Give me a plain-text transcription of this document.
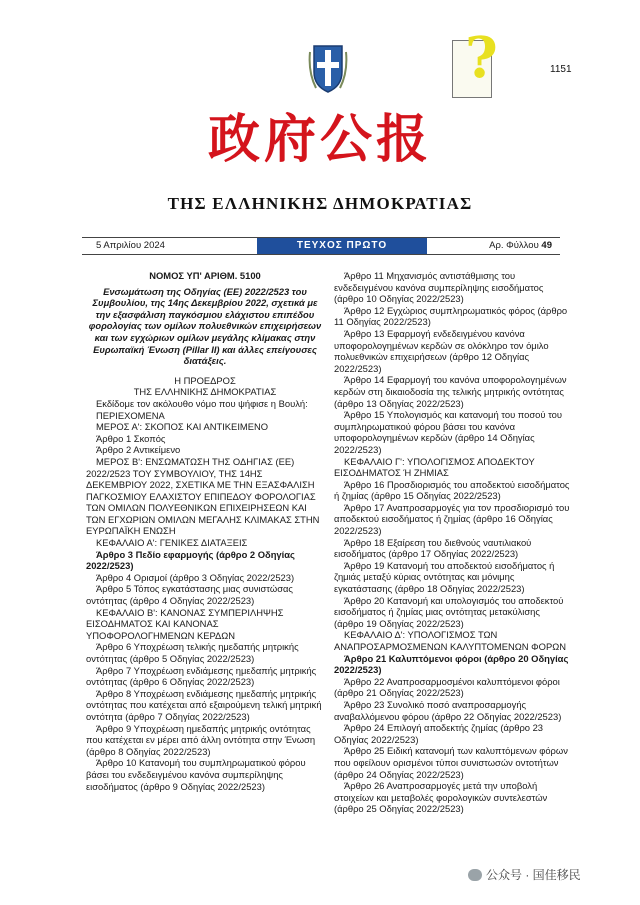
?	1151
政府公报
ΤΗΣ ΕΛΛΗΝΙΚΗΣ ΔΗΜΟΚΡΑΤΙΑΣ
5 Απριλίου 2024	ΤΕΥΧΟΣ ΠΡΩΤΟ	Αρ. Φύλλου 49

ΝΟΜΟΣ ΥΠ' ΑΡΙΘΜ. 5100

Ενσωμάτωση της Οδηγίας (ΕΕ) 2022/2523 του Συμβουλίου, της 14ης Δεκεμβρίου 2022, σχετικά με την εξασφάλιση παγκόσμιου ελάχιστου επιπέδου φορολογίας των ομίλων πολυεθνικών επιχειρήσεων και των εγχώριων ομίλων μεγάλης κλίμακας στην Ευρωπαϊκή Ένωση (Pillar II) και άλλες επείγουσες διατάξεις.

Η ΠΡΟΕΔΡΟΣ

ΤΗΣ ΕΛΛΗΝΙΚΗΣ ΔΗΜΟΚΡΑΤΙΑΣ

Εκδίδομε τον ακόλουθο νόμο που ψήφισε η Βουλή:

ΠΕΡΙΕΧΟΜΕΝΑ

ΜΕΡΟΣ Α': ΣΚΟΠΟΣ ΚΑΙ ΑΝΤΙΚΕΙΜΕΝΟ

Άρθρο 1 Σκοπός

Άρθρο 2 Αντικείμενο

ΜΕΡΟΣ Β': ΕΝΣΩΜΑΤΩΣΗ ΤΗΣ ΟΔΗΓΙΑΣ (ΕΕ) 2022/2523 ΤΟΥ ΣΥΜΒΟΥΛΙΟΥ, ΤΗΣ 14ΗΣ ΔΕΚΕΜΒΡΙΟΥ 2022, ΣΧΕΤΙΚΑ ΜΕ ΤΗΝ ΕΞΑΣΦΑΛΙΣΗ ΠΑΓΚΟΣΜΙΟΥ ΕΛΑΧΙΣΤΟΥ ΕΠΙΠΕΔΟΥ ΦΟΡΟΛΟΓΙΑΣ ΤΩΝ ΟΜΙΛΩΝ ΠΟΛΥΕΘΝΙΚΩΝ ΕΠΙΧΕΙΡΗΣΕΩΝ ΚΑΙ ΤΩΝ ΕΓΧΩΡΙΩΝ ΟΜΙΛΩΝ ΜΕΓΑΛΗΣ ΚΛΙΜΑΚΑΣ ΣΤΗΝ ΕΥΡΩΠΑΪΚΗ ΕΝΩΣΗ

ΚΕΦΑΛΑΙΟ Α': ΓΕΝΙΚΕΣ ΔΙΑΤΑΞΕΙΣ

Άρθρο 3 Πεδίο εφαρμογής (άρθρο 2 Οδηγίας 2022/2523)

Άρθρο 4 Ορισμοί (άρθρο 3 Οδηγίας 2022/2523)

Άρθρο 5 Τόπος εγκατάστασης μιας συνιστώσας οντότητας (άρθρο 4 Οδηγίας 2022/2523)

ΚΕΦΑΛΑΙΟ Β': ΚΑΝΟΝΑΣ ΣΥΜΠΕΡΙΛΗΨΗΣ ΕΙΣΟΔΗΜΑΤΟΣ ΚΑΙ ΚΑΝΟΝΑΣ ΥΠΟΦΟΡΟΛΟΓΗΜΕΝΩΝ ΚΕΡΔΩΝ

Άρθρο 6 Υποχρέωση τελικής ημεδαπής μητρικής οντότητας (άρθρο 5 Οδηγίας 2022/2523)

Άρθρο 7 Υποχρέωση ενδιάμεσης ημεδαπής μητρικής οντότητας (άρθρο 6 Οδηγίας 2022/2523)

Άρθρο 8 Υποχρέωση ενδιάμεσης ημεδαπής μητρικής οντότητας που κατέχεται από εξαιρούμενη τελική μητρική οντότητα (άρθρο 7 Οδηγίας 2022/2523)

Άρθρο 9 Υποχρέωση ημεδαπής μητρικής οντότητας που κατέχεται εν μέρει από άλλη οντότητα στην Ένωση (άρθρο 8 Οδηγίας 2022/2523)

Άρθρο 10 Κατανομή του συμπληρωματικού φόρου βάσει του ενδεδειγμένου κανόνα συμπερίληψης εισοδήματος (άρθρο 9 Οδηγίας 2022/2523)

Άρθρο 11 Μηχανισμός αντιστάθμισης του ενδεδειγμένου κανόνα συμπερίληψης εισοδήματος (άρθρο 10 Οδηγίας 2022/2523)

Άρθρο 12 Εγχώριος συμπληρωματικός φόρος (άρθρο 11 Οδηγίας 2022/2523)

Άρθρο 13 Εφαρμογή ενδεδειγμένου κανόνα υποφορολογημένων κερδών σε ολόκληρο τον όμιλο πολυεθνικών επιχειρήσεων (άρθρο 12 Οδηγίας 2022/2523)

Άρθρο 14 Εφαρμογή του κανόνα υποφορολογημένων κερδών στη δικαιοδοσία της τελικής μητρικής οντότητας (άρθρο 13 Οδηγίας 2022/2523)

Άρθρο 15 Υπολογισμός και κατανομή του ποσού του συμπληρωματικού φόρου βάσει του κανόνα υποφορολογημένων κερδών (άρθρο 14 Οδηγίας 2022/2523)

ΚΕΦΑΛΑΙΟ Γ': ΥΠΟΛΟΓΙΣΜΟΣ ΑΠΟΔΕΚΤΟΥ ΕΙΣΟΔΗΜΑΤΟΣ Ή ΖΗΜΙΑΣ

Άρθρο 16 Προσδιορισμός του αποδεκτού εισοδήματος ή ζημίας (άρθρο 15 Οδηγίας 2022/2523)

Άρθρο 17 Αναπροσαρμογές για τον προσδιορισμό του αποδεκτού εισοδήματος ή ζημίας (άρθρο 16 Οδηγίας 2022/2523)

Άρθρο 18 Εξαίρεση του διεθνούς ναυτιλιακού εισοδήματος (άρθρο 17 Οδηγίας 2022/2523)

Άρθρο 19 Κατανομή του αποδεκτού εισοδήματος ή ζημιάς μεταξύ κύριας οντότητας και μόνιμης εγκατάστασης (άρθρο 18 Οδηγίας 2022/2523)

Άρθρο 20 Κατανομή και υπολογισμός του αποδεκτού εισοδήματος ή ζημίας μιας οντότητας μετακύλισης (άρθρο 19 Οδηγίας 2022/2523)

ΚΕΦΑΛΑΙΟ Δ': ΥΠΟΛΟΓΙΣΜΟΣ ΤΩΝ ΑΝΑΠΡΟΣΑΡΜΟΣΜΕΝΩΝ ΚΑΛΥΠΤΟΜΕΝΩΝ ΦΟΡΩΝ

Άρθρο 21 Καλυπτόμενοι φόροι (άρθρο 20 Οδηγίας 2022/2523)

Άρθρο 22 Αναπροσαρμοσμένοι καλυπτόμενοι φόροι (άρθρο 21 Οδηγίας 2022/2523)

Άρθρο 23 Συνολικό ποσό αναπροσαρμογής αναβαλλόμενου φόρου (άρθρο 22 Οδηγίας 2022/2523)

Άρθρο 24 Επιλογή αποδεκτής ζημίας (άρθρο 23 Οδηγίας 2022/2523)

Άρθρο 25 Ειδική κατανομή των καλυπτόμενων φόρων που οφείλουν ορισμένοι τύποι συνιστωσών οντοτήτων (άρθρο 24 Οδηγίας 2022/2523)

Άρθρο 26 Αναπροσαρμογές μετά την υποβολή στοιχείων και μεταβολές φορολογικών συντελεστών (άρθρο 25 Οδηγίας 2022/2523)

公众号 · 国佳移民
